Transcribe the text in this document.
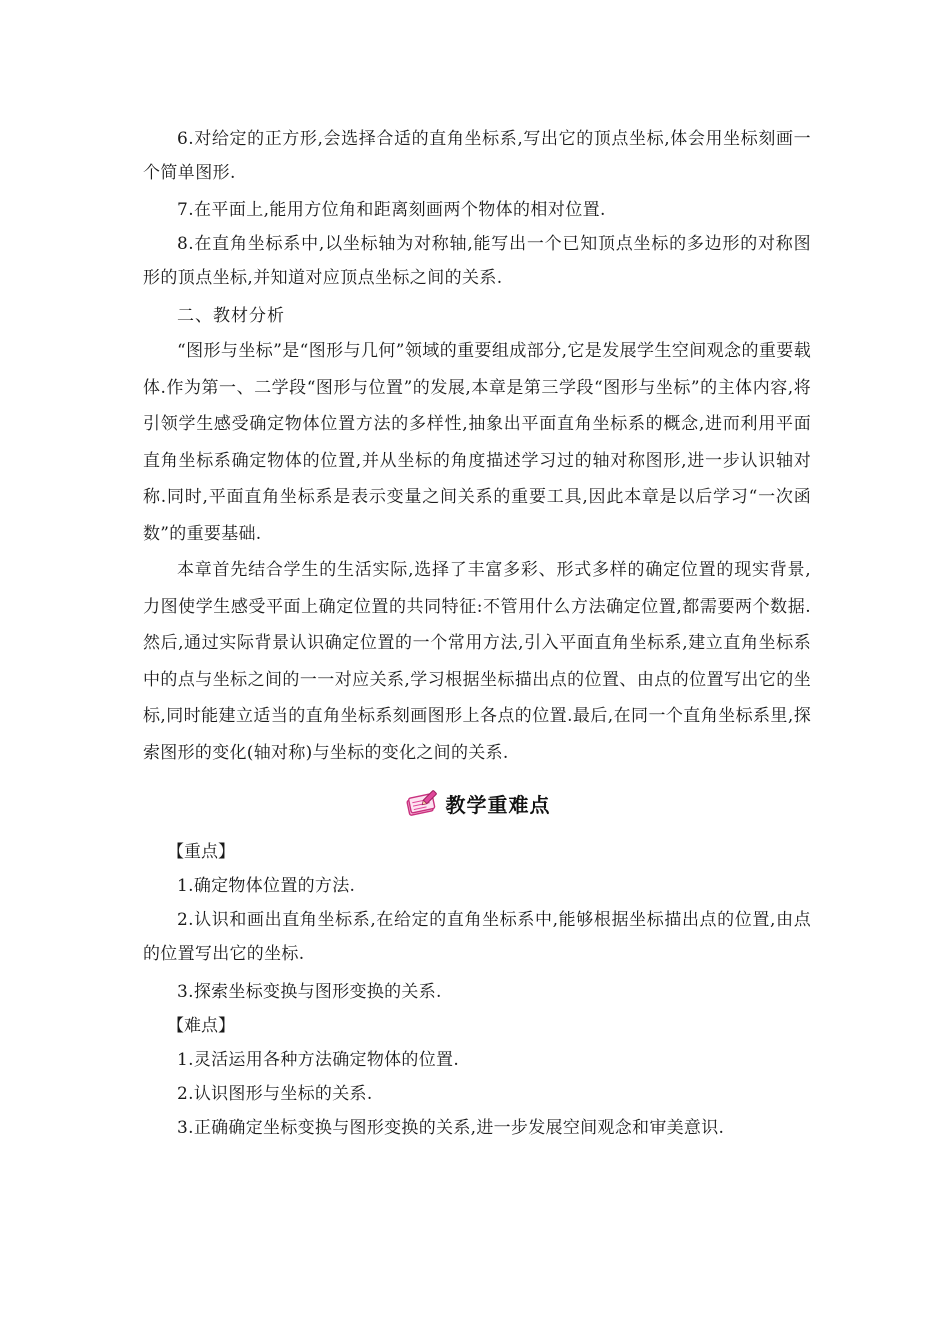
6.对给定的正方形,会选择合适的直角坐标系,写出它的顶点坐标,体会用坐标刻画一个简单图形.

7.在平面上,能用方位角和距离刻画两个物体的相对位置.

8.在直角坐标系中,以坐标轴为对称轴,能写出一个已知顶点坐标的多边形的对称图形的顶点坐标,并知道对应顶点坐标之间的关系.

二、教材分析

“图形与坐标”是“图形与几何”领域的重要组成部分,它是发展学生空间观念的重要载体.作为第一、二学段“图形与位置”的发展,本章是第三学段“图形与坐标”的主体内容,将引领学生感受确定物体位置方法的多样性,抽象出平面直角坐标系的概念,进而利用平面直角坐标系确定物体的位置,并从坐标的角度描述学习过的轴对称图形,进一步认识轴对称.同时,平面直角坐标系是表示变量之间关系的重要工具,因此本章是以后学习“一次函数”的重要基础.

本章首先结合学生的生活实际,选择了丰富多彩、形式多样的确定位置的现实背景,力图使学生感受平面上确定位置的共同特征:不管用什么方法确定位置,都需要两个数据.然后,通过实际背景认识确定位置的一个常用方法,引入平面直角坐标系,建立直角坐标系中的点与坐标之间的一一对应关系,学习根据坐标描出点的位置、由点的位置写出它的坐标,同时能建立适当的直角坐标系刻画图形上各点的位置.最后,在同一个直角坐标系里,探索图形的变化(轴对称)与坐标的变化之间的关系.

教学重难点

【重点】

1.确定物体位置的方法.

2.认识和画出直角坐标系,在给定的直角坐标系中,能够根据坐标描出点的位置,由点的位置写出它的坐标.

3.探索坐标变换与图形变换的关系.

【难点】

1.灵活运用各种方法确定物体的位置.

2.认识图形与坐标的关系.

3.正确确定坐标变换与图形变换的关系,进一步发展空间观念和审美意识.
